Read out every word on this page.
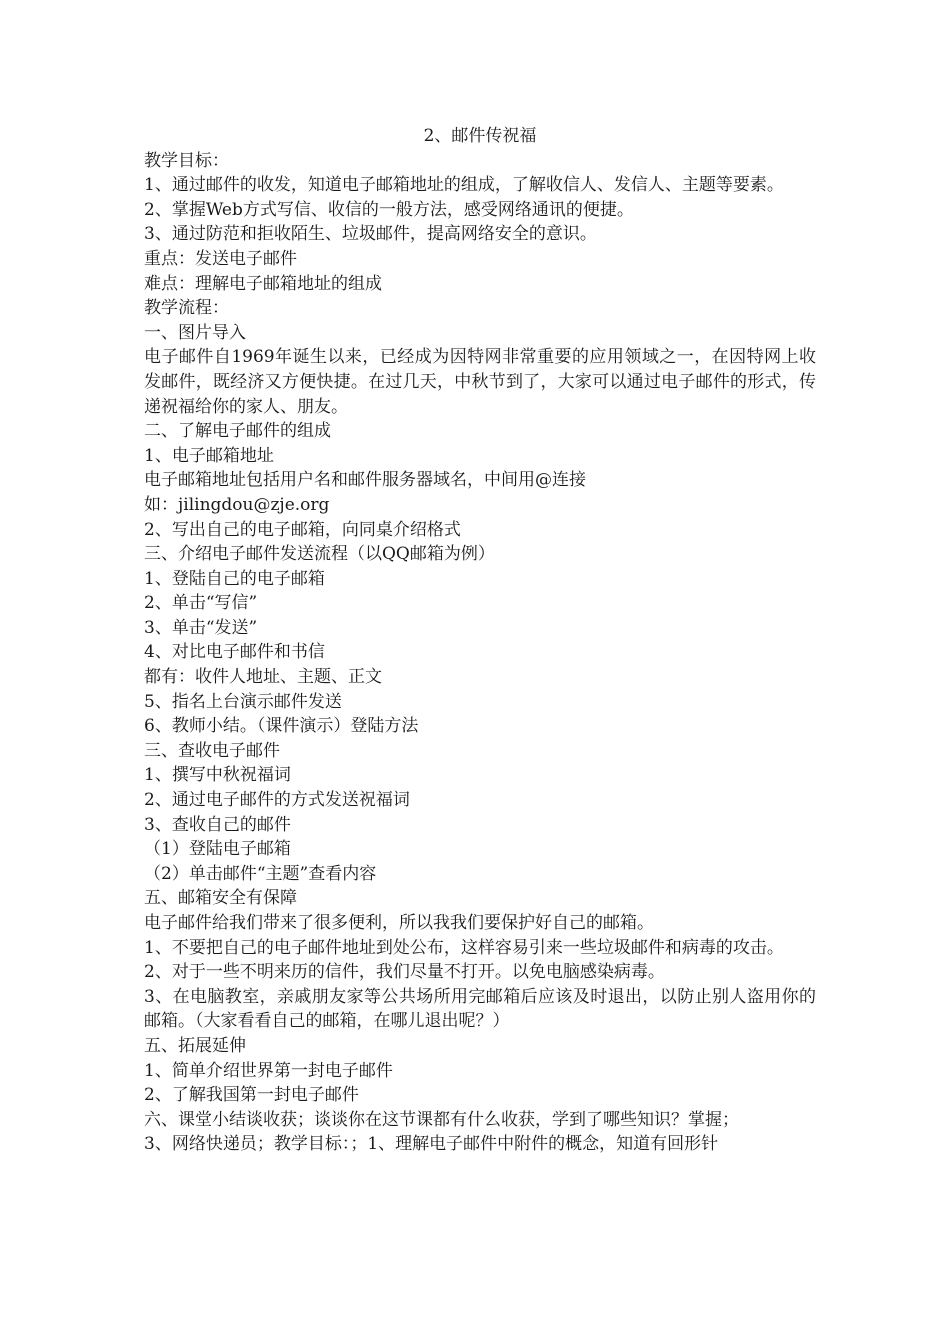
2、邮件传祝福

教学目标：

1、通过邮件的收发，知道电子邮箱地址的组成，了解收信人、发信人、主题等要素。

2、掌握Web方式写信、收信的一般方法，感受网络通讯的便捷。

3、通过防范和拒收陌生、垃圾邮件，提高网络安全的意识。

重点：发送电子邮件

难点：理解电子邮箱地址的组成

教学流程：

一、图片导入

电子邮件自1969年诞生以来，已经成为因特网非常重要的应用领域之一，在因特网上收发邮件，既经济又方便快捷。在过几天，中秋节到了，大家可以通过电子邮件的形式，传递祝福给你的家人、朋友。

二、了解电子邮件的组成

1、电子邮箱地址

电子邮箱地址包括用户名和邮件服务器域名，中间用@连接

如：jilingdou@zje.org

2、写出自己的电子邮箱，向同桌介绍格式

三、介绍电子邮件发送流程（以QQ邮箱为例）

1、登陆自己的电子邮箱

2、单击“写信”

3、单击“发送”

4、对比电子邮件和书信

都有：收件人地址、主题、正文

5、指名上台演示邮件发送

6、教师小结。（课件演示）登陆方法

三、查收电子邮件

1、撰写中秋祝福词

2、通过电子邮件的方式发送祝福词

3、查收自己的邮件

（1）登陆电子邮箱

（2）单击邮件“主题”查看内容

五、邮箱安全有保障

电子邮件给我们带来了很多便利，所以我我们要保护好自己的邮箱。

1、不要把自己的电子邮件地址到处公布，这样容易引来一些垃圾邮件和病毒的攻击。

2、对于一些不明来历的信件，我们尽量不打开。以免电脑感染病毒。

3、在电脑教室，亲戚朋友家等公共场所用完邮箱后应该及时退出，以防止别人盗用你的邮箱。（大家看看自己的邮箱，在哪儿退出呢？）

五、拓展延伸

1、简单介绍世界第一封电子邮件

2、了解我国第一封电子邮件

六、课堂小结谈收获；谈谈你在这节课都有什么收获，学到了哪些知识？掌握；

3、网络快递员；教学目标：；1、理解电子邮件中附件的概念，知道有回形针
